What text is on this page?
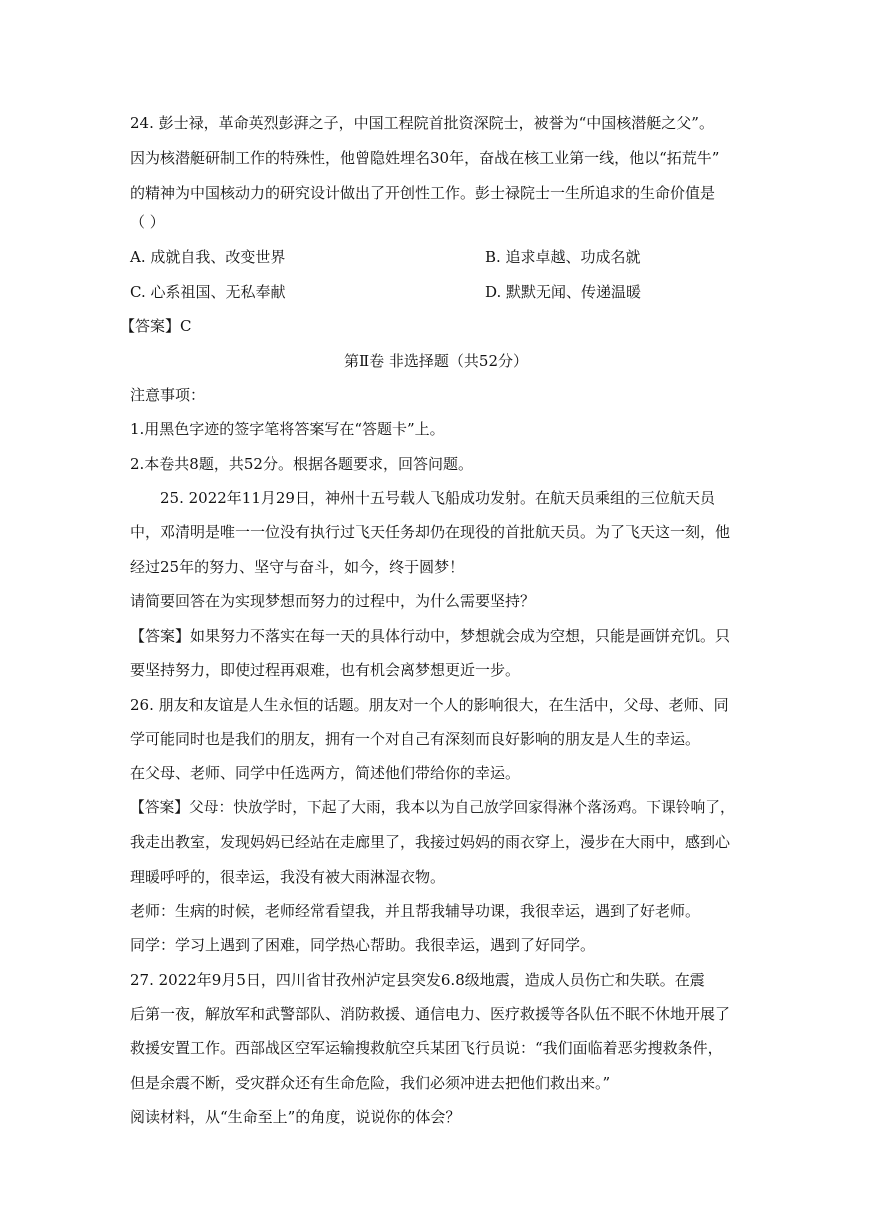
24. 彭士禄，革命英烈彭湃之子，中国工程院首批资深院士，被誉为“中国核潜艇之父”。
因为核潜艇研制工作的特殊性，他曾隐姓埋名30年，奋战在核工业第一线，他以“拓荒牛”
的精神为中国核动力的研究设计做出了开创性工作。彭士禄院士一生所追求的生命价值是
（ ）
A. 成就自我、改变世界	B. 追求卓越、功成名就
C. 心系祖国、无私奉献	D. 默默无闻、传递温暖
【答案】C
第Ⅱ卷 非选择题（共52分）
注意事项：
1.用黑色字迹的签字笔将答案写在“答题卡”上。
2.本卷共8题，共52分。根据各题要求，回答问题。
25. 2022年11月29日，神州十五号载人飞船成功发射。在航天员乘组的三位航天员
中，邓清明是唯一一位没有执行过飞天任务却仍在现役的首批航天员。为了飞天这一刻，他
经过25年的努力、坚守与奋斗，如今，终于圆梦！
请简要回答在为实现梦想而努力的过程中，为什么需要坚持？
【答案】如果努力不落实在每一天的具体行动中，梦想就会成为空想，只能是画饼充饥。只
要坚持努力，即使过程再艰难，也有机会离梦想更近一步。
26. 朋友和友谊是人生永恒的话题。朋友对一个人的影响很大，在生活中，父母、老师、同
学可能同时也是我们的朋友，拥有一个对自己有深刻而良好影响的朋友是人生的幸运。
在父母、老师、同学中任选两方，简述他们带给你的幸运。
【答案】父母：快放学时，下起了大雨，我本以为自己放学回家得淋个落汤鸡。下课铃响了，
我走出教室，发现妈妈已经站在走廊里了，我接过妈妈的雨衣穿上，漫步在大雨中，感到心
理暖呼呼的，很幸运，我没有被大雨淋湿衣物。
老师：生病的时候，老师经常看望我，并且帮我辅导功课，我很幸运，遇到了好老师。
同学：学习上遇到了困难，同学热心帮助。我很幸运，遇到了好同学。
27. 2022年9月5日，四川省甘孜州泸定县突发6.8级地震，造成人员伤亡和失联。在震
后第一夜，解放军和武警部队、消防救援、通信电力、医疗救援等各队伍不眠不休地开展了
救援安置工作。西部战区空军运输搜救航空兵某团飞行员说：“我们面临着恶劣搜救条件，
但是余震不断，受灾群众还有生命危险，我们必须冲进去把他们救出来。”
阅读材料，从“生命至上”的角度，说说你的体会？
